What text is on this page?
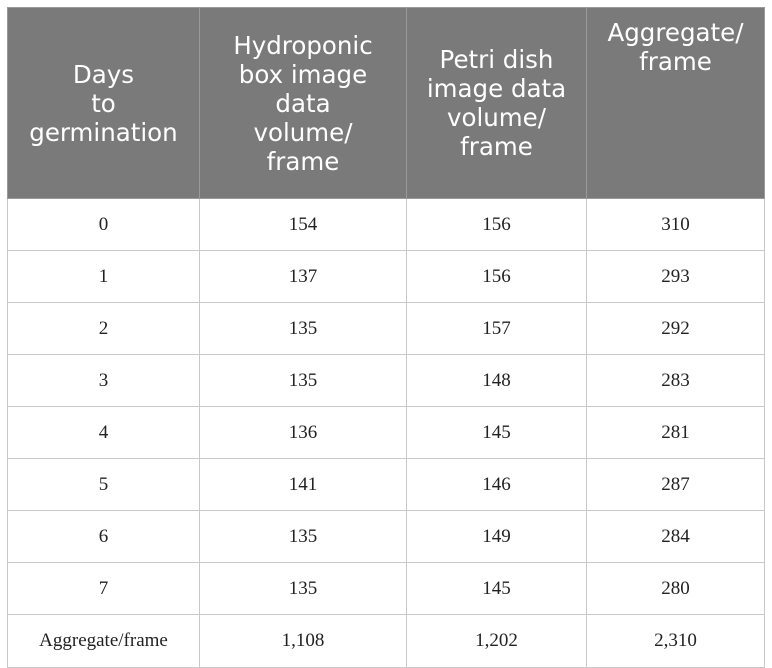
Days
to
germination	Hydroponic
box image
data
volume/
frame	Petri dish
image data
volume/
frame	Aggregate/
frame
0	154	156	310
1	137	156	293
2	135	157	292
3	135	148	283
4	136	145	281
5	141	146	287
6	135	149	284
7	135	145	280
Aggregate/frame	1,108	1,202	2,310
